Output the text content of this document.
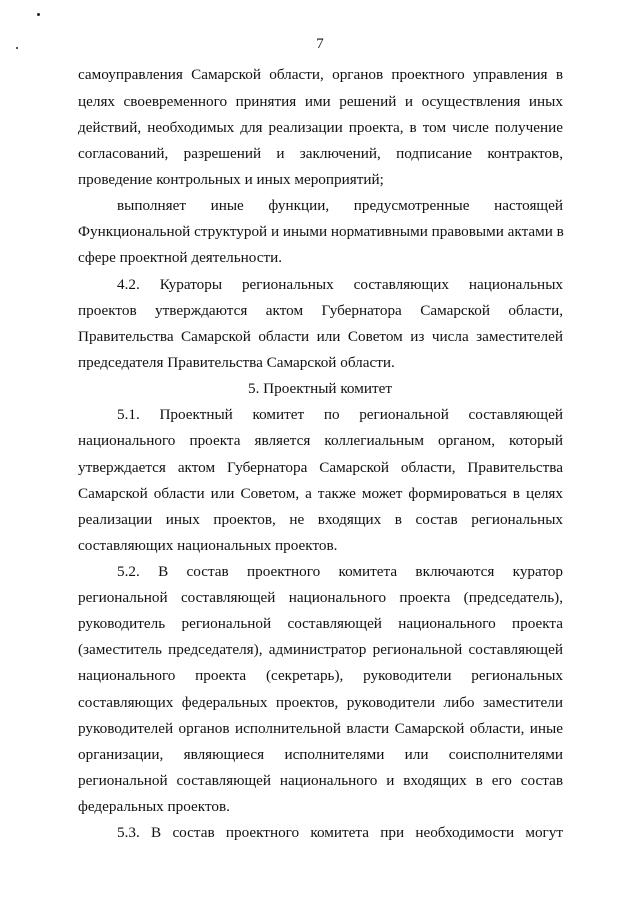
7
самоуправления Самарской области, органов проектного управления в
целях своевременного принятия ими решений и осуществления иных
действий, необходимых для реализации проекта, в том числе получение
согласований, разрешений и заключений, подписание контрактов,
проведение контрольных и иных мероприятий;
выполняет иные функции, предусмотренные настоящей
Функциональной структурой и иными нормативными правовыми актами в
сфере проектной деятельности.
4.2. Кураторы региональных составляющих национальных
проектов утверждаются актом Губернатора Самарской области,
Правительства Самарской области или Советом из числа заместителей
председателя Правительства Самарской области.
5. Проектный комитет
5.1. Проектный комитет по региональной составляющей
национального проекта является коллегиальным органом, который
утверждается актом Губернатора Самарской области, Правительства
Самарской области или Советом, а также может формироваться в целях
реализации иных проектов, не входящих в состав региональных
составляющих национальных проектов.
5.2. В состав проектного комитета включаются куратор
региональной составляющей национального проекта (председатель),
руководитель региональной составляющей национального проекта
(заместитель председателя), администратор региональной составляющей
национального проекта (секретарь), руководители региональных
составляющих федеральных проектов, руководители либо заместители
руководителей органов исполнительной власти Самарской области, иные
организации, являющиеся исполнителями или соисполнителями
региональной составляющей национального и входящих в его состав
федеральных проектов.
5.3. В состав проектного комитета при необходимости могут
